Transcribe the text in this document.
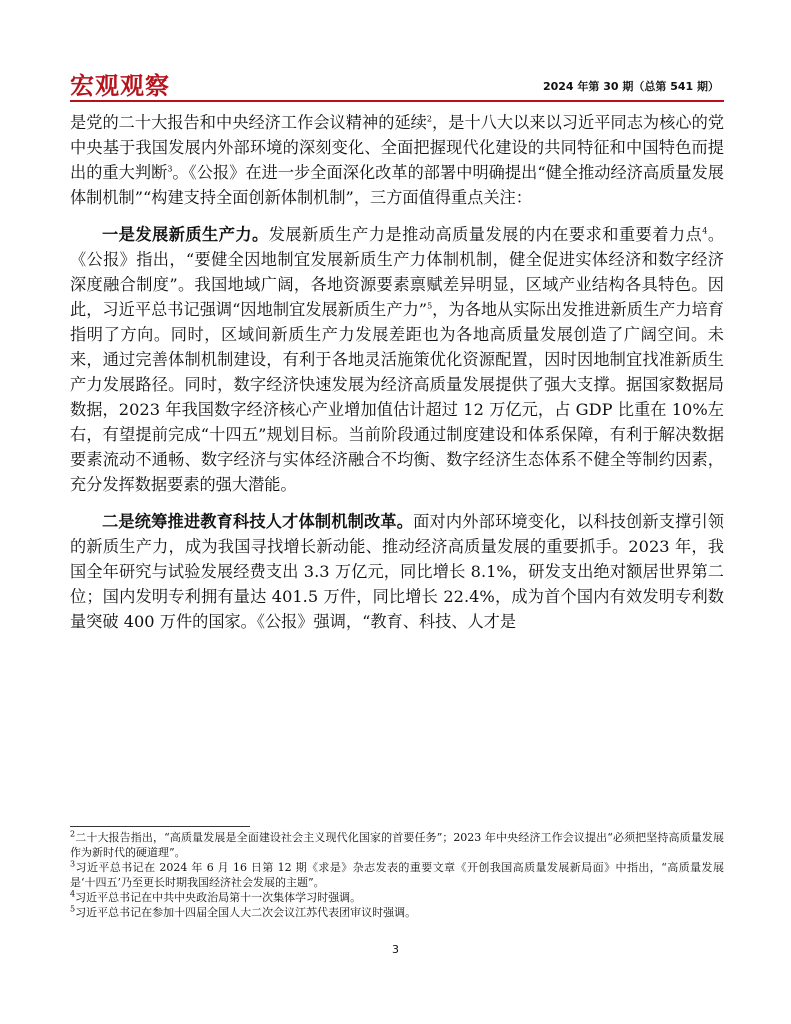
宏观观察	2024 年第 30 期（总第 541 期）

是党的二十大报告和中央经济工作会议精神的延续$^2$，是十八大以来以习近平同志为核心的党中央基于我国发展内外部环境的深刻变化、全面把握现代化建设的共同特征和中国特色而提出的重大判断$^3$。《公报》在进一步全面深化改革的部署中明确提出“健全推动经济高质量发展体制机制”“构建支持全面创新体制机制”，三方面值得重点关注：

一是发展新质生产力。发展新质生产力是推动高质量发展的内在要求和重要着力点$^4$。《公报》指出，“要健全因地制宜发展新质生产力体制机制，健全促进实体经济和数字经济深度融合制度”。我国地域广阔，各地资源要素禀赋差异明显，区域产业结构各具特色。因此，习近平总书记强调“因地制宜发展新质生产力”$^5$，为各地从实际出发推进新质生产力培育指明了方向。同时，区域间新质生产力发展差距也为各地高质量发展创造了广阔空间。未来，通过完善体制机制建设，有利于各地灵活施策优化资源配置，因时因地制宜找准新质生产力发展路径。同时，数字经济快速发展为经济高质量发展提供了强大支撑。据国家数据局数据，2023 年我国数字经济核心产业增加值估计超过 12 万亿元，占 GDP 比重在 10%左右，有望提前完成“十四五”规划目标。当前阶段通过制度建设和体系保障，有利于解决数据要素流动不通畅、数字经济与实体经济融合不均衡、数字经济生态体系不健全等制约因素，充分发挥数据要素的强大潜能。

二是统筹推进教育科技人才体制机制改革。面对内外部环境变化，以科技创新支撑引领的新质生产力，成为我国寻找增长新动能、推动经济高质量发展的重要抓手。2023 年，我国全年研究与试验发展经费支出 3.3 万亿元，同比增长 8.1%，研发支出绝对额居世界第二位；国内发明专利拥有量达 401.5 万件，同比增长 22.4%，成为首个国内有效发明专利数量突破 400 万件的国家。《公报》强调，“教育、科技、人才是

$^2$二十大报告指出，“高质量发展是全面建设社会主义现代化国家的首要任务”；2023 年中央经济工作会议提出“必须把坚持高质量发展作为新时代的硬道理”。

$^3$习近平总书记在 2024 年 6 月 16 日第 12 期《求是》杂志发表的重要文章《开创我国高质量发展新局面》中指出，“高质量发展是‘十四五’乃至更长时期我国经济社会发展的主题”。

$^4$习近平总书记在中共中央政治局第十一次集体学习时强调。

$^5$习近平总书记在参加十四届全国人大二次会议江苏代表团审议时强调。

3
